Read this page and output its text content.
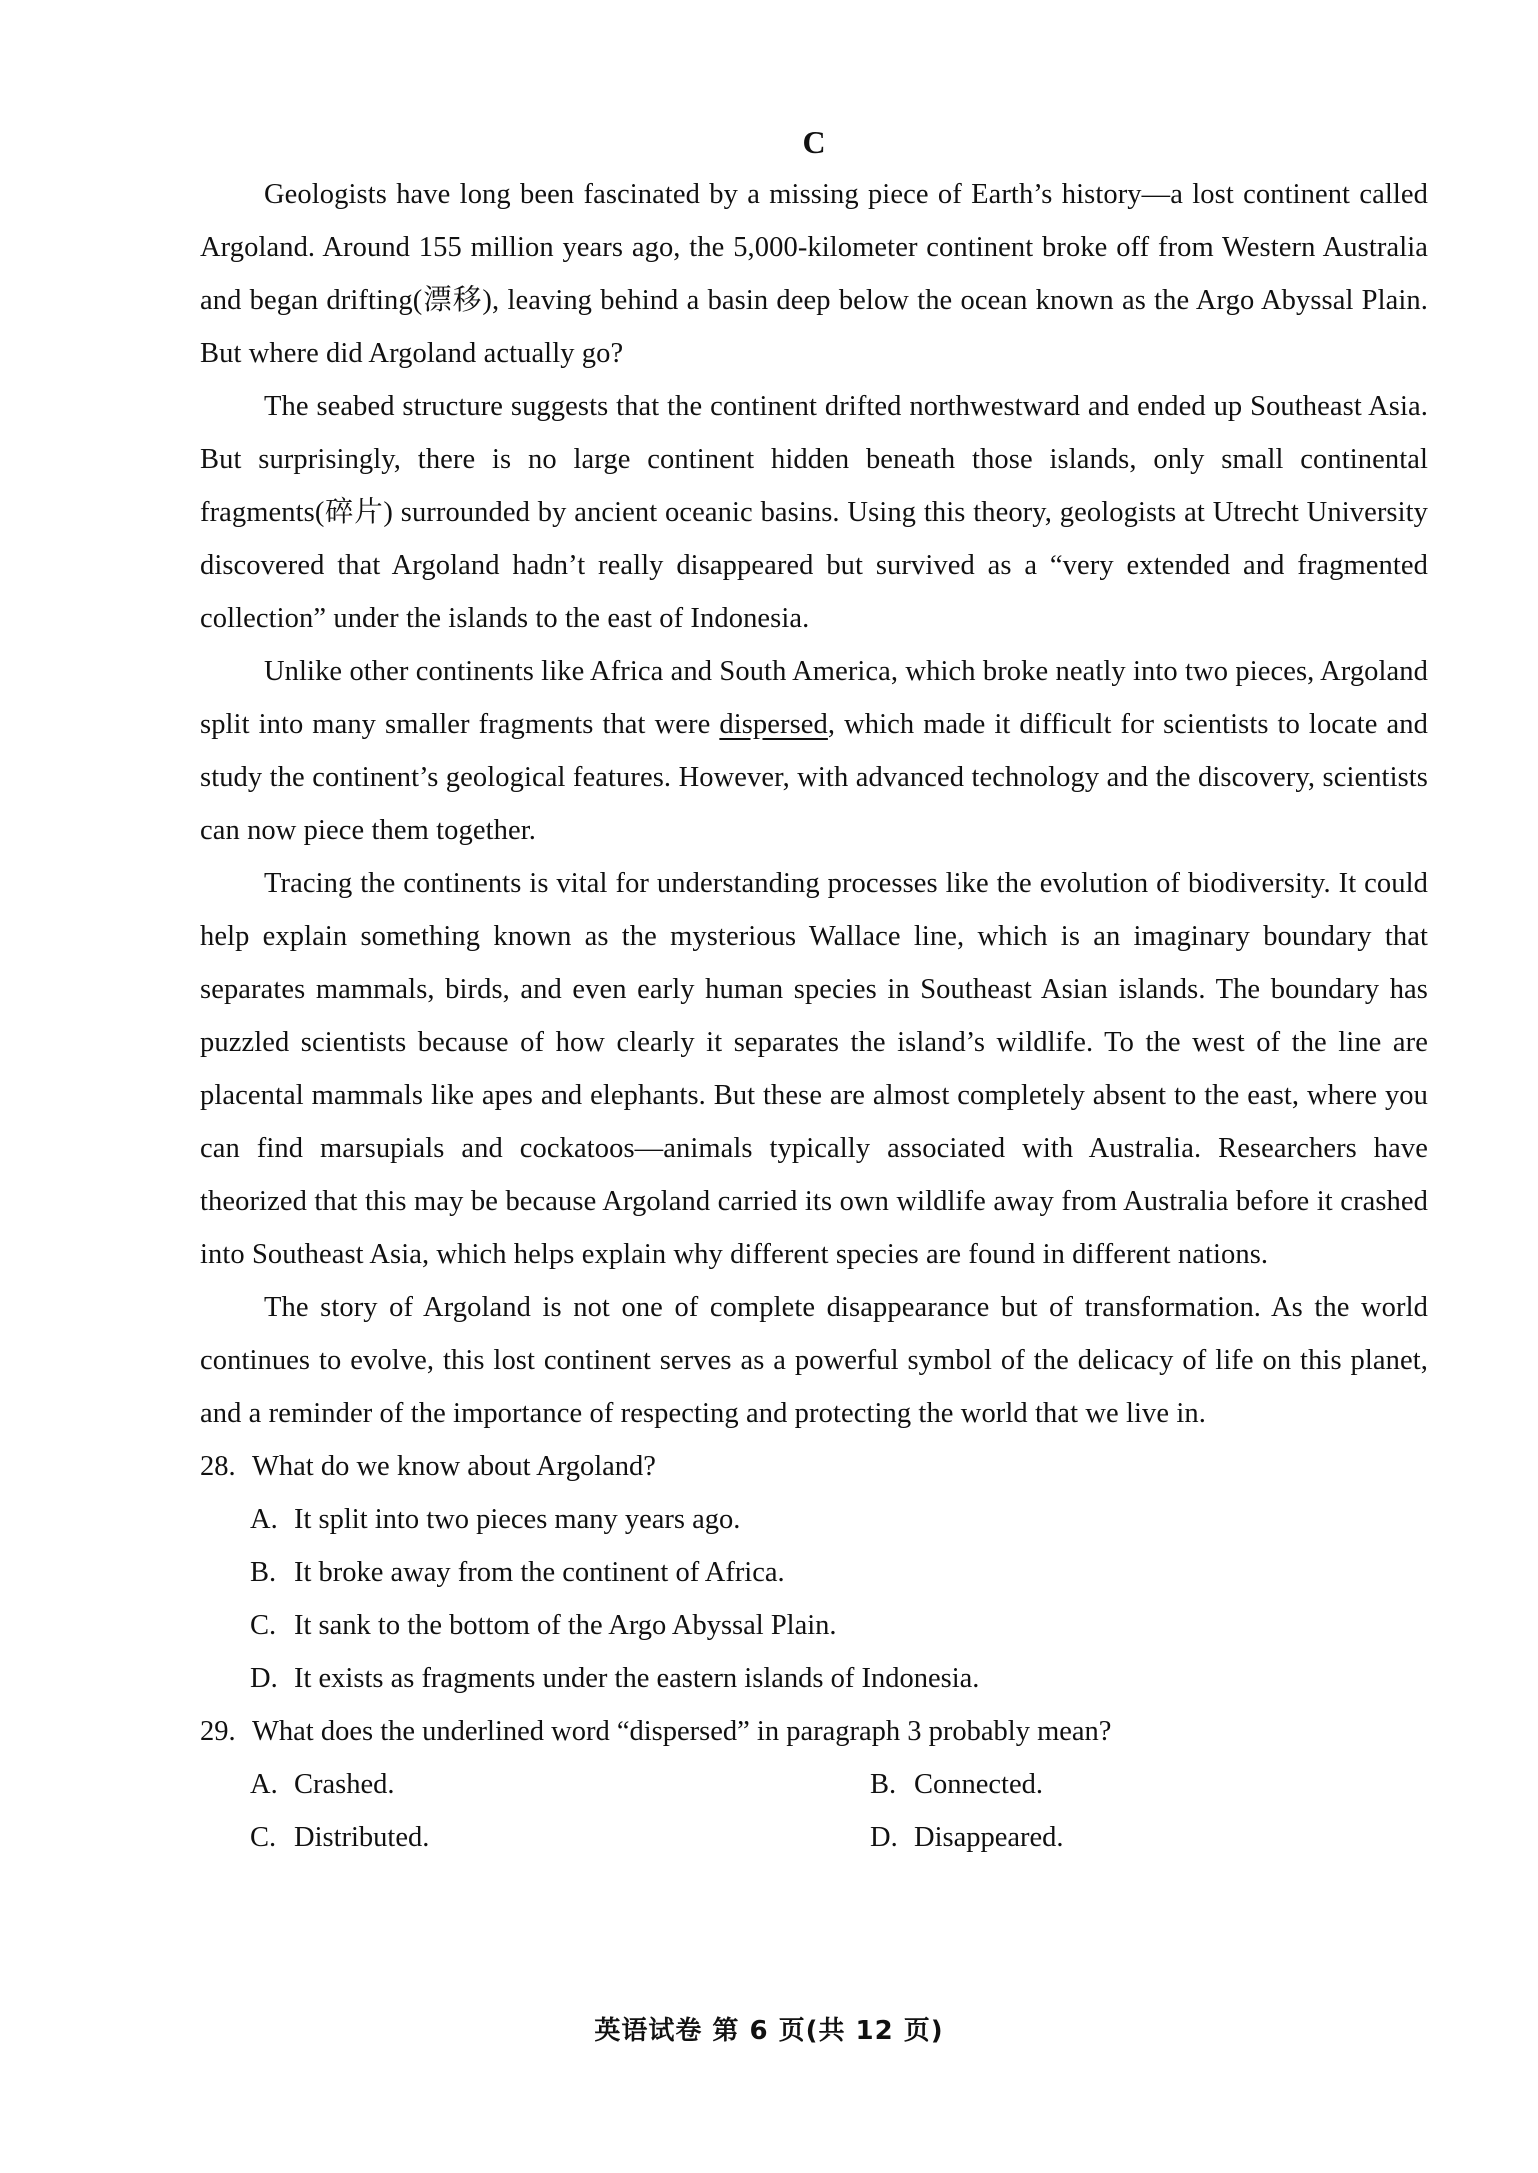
C

Geologists have long been fascinated by a missing piece of Earth’s history—a lost continent called Argoland. Around 155 million years ago, the 5,000-kilometer continent broke off from Western Australia and began drifting(漂移), leaving behind a basin deep below the ocean known as the Argo Abyssal Plain. But where did Argoland actually go?

The seabed structure suggests that the continent drifted northwestward and ended up Southeast Asia. But surprisingly, there is no large continent hidden beneath those islands, only small continental fragments(碎片) surrounded by ancient oceanic basins. Using this theory, geologists at Utrecht University discovered that Argoland hadn’t really disappeared but survived as a “very extended and fragmented collection” under the islands to the east of Indonesia.

Unlike other continents like Africa and South America, which broke neatly into two pieces, Argoland split into many smaller fragments that were dispersed, which made it difficult for scientists to locate and study the continent’s geological features. However, with advanced technology and the discovery, scientists can now piece them together.

Tracing the continents is vital for understanding processes like the evolution of biodiversity. It could help explain something known as the mysterious Wallace line, which is an imaginary boundary that separates mammals, birds, and even early human species in Southeast Asian islands. The boundary has puzzled scientists because of how clearly it separates the island’s wildlife. To the west of the line are placental mammals like apes and elephants. But these are almost completely absent to the east, where you can find marsupials and cockatoos—animals typically associated with Australia. Researchers have theorized that this may be because Argoland carried its own wildlife away from Australia before it crashed into Southeast Asia, which helps explain why different species are found in different nations.

The story of Argoland is not one of complete disappearance but of transformation. As the world continues to evolve, this lost continent serves as a powerful symbol of the delicacy of life on this planet, and a reminder of the importance of respecting and protecting the world that we live in.

28. What do we know about Argoland?

A. It split into two pieces many years ago.

B. It broke away from the continent of Africa.

C. It sank to the bottom of the Argo Abyssal Plain.

D. It exists as fragments under the eastern islands of Indonesia.

29. What does the underlined word “dispersed” in paragraph 3 probably mean?

A. Crashed.	B. Connected.

C. Distributed.	D. Disappeared.

英语试卷 第 6 页(共 12 页)
